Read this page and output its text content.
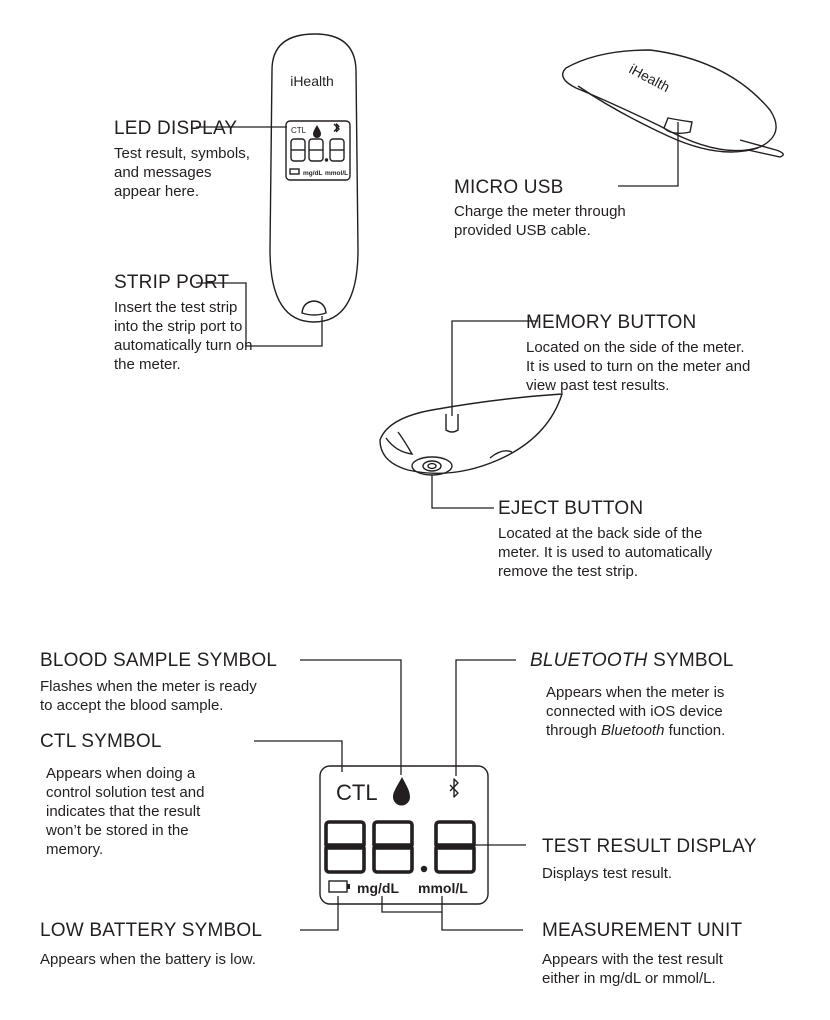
iHealth
CTL
mg/dL mmol/L
iHealth
CTL
mg/dL mmol/L
LED DISPLAY
Test result, symbols,
and messages
appear here.
STRIP PORT
Insert the test strip
into the strip port to
automatically turn on
the meter.
MICRO USB
Charge the meter through
provided USB cable.
MEMORY BUTTON
Located on the side of the meter.
It is used to turn on the meter and
view past test results.
EJECT BUTTON
Located at the back side of the
meter. It is used to automatically
remove the test strip.
BLOOD SAMPLE SYMBOL
Flashes when the meter is ready
to accept the blood sample.
BLUETOOTH SYMBOL
Appears when the meter is
connected with iOS device
through Bluetooth function.
CTL SYMBOL
Appears when doing a
control solution test and
indicates that the result
won’t be stored in the
memory.	TEST RESULT DISPLAY
Displays test result.
LOW BATTERY SYMBOL
Appears when the battery is low.
MEASUREMENT UNIT
Appears with the test result
either in mg/dL or mmol/L.
